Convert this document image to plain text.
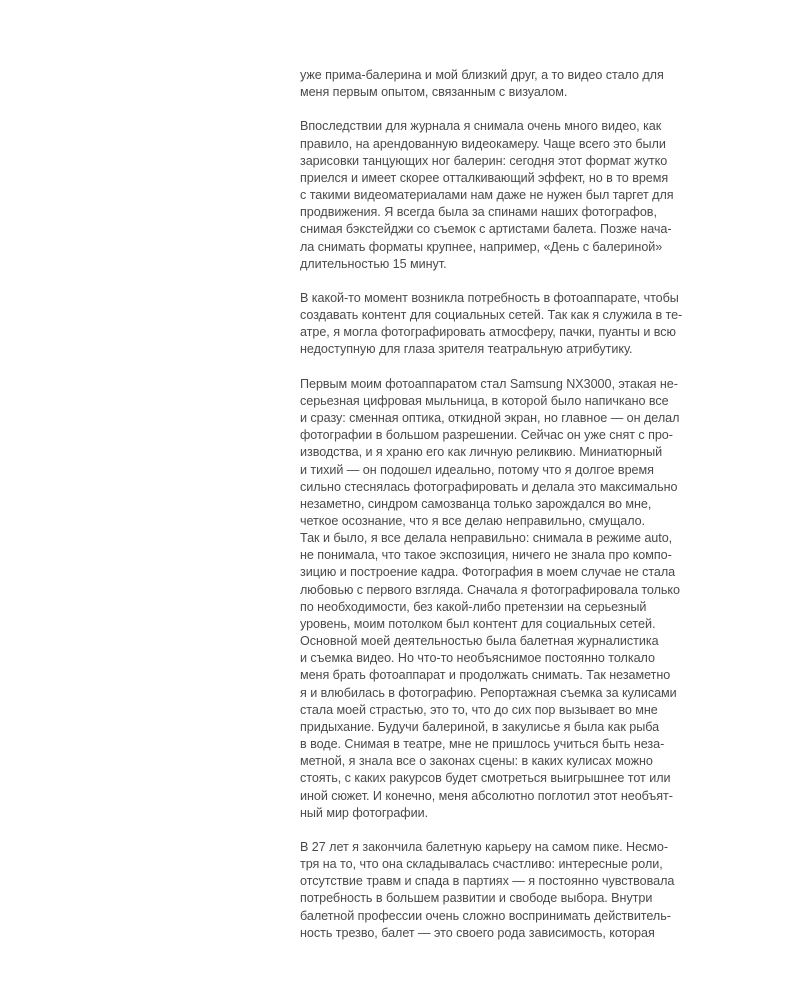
уже прима-балерина и мой близкий друг, а то видео стало для
меня первым опытом, связанным с визуалом.

Впоследствии для журнала я снимала очень много видео, как
правило, на арендованную видеокамеру. Чаще всего это были
зарисовки танцующих ног балерин: сегодня этот формат жутко
приелся и имеет скорее отталкивающий эффект, но в то время
с такими видеоматериалами нам даже не нужен был таргет для
продвижения. Я всегда была за спинами наших фотографов,
снимая бэкстейджи со съемок с артистами балета. Позже нача-
ла снимать форматы крупнее, например, «День с балериной»
длительностью 15 минут.

В какой-то момент возникла потребность в фотоаппарате, чтобы
создавать контент для социальных сетей. Так как я служила в те-
атре, я могла фотографировать атмосферу, пачки, пуанты и всю
недоступную для глаза зрителя театральную атрибутику.

Первым моим фотоаппаратом стал Samsung NX3000, этакая не-
серьезная цифровая мыльница, в которой было напичкано все
и сразу: сменная оптика, откидной экран, но главное — он делал
фотографии в большом разрешении. Сейчас он уже снят с про-
изводства, и я храню его как личную реликвию. Миниатюрный
и тихий — он подошел идеально, потому что я долгое время
сильно стеснялась фотографировать и делала это максимально
незаметно, синдром самозванца только зарождался во мне,
четкое осознание, что я все делаю неправильно, смущало.

Так и было, я все делала неправильно: снимала в режиме auto,
не понимала, что такое экспозиция, ничего не знала про компо-
зицию и построение кадра. Фотография в моем случае не стала
любовью с первого взгляда. Сначала я фотографировала только
по необходимости, без какой-либо претензии на серьезный
уровень, моим потолком был контент для социальных сетей.
Основной моей деятельностью была балетная журналистика
и съемка видео. Но что-то необъяснимое постоянно толкало
меня брать фотоаппарат и продолжать снимать. Так незаметно
я и влюбилась в фотографию. Репортажная съемка за кулисами
стала моей страстью, это то, что до сих пор вызывает во мне
придыхание. Будучи балериной, в закулисье я была как рыба
в воде. Снимая в театре, мне не пришлось учиться быть неза-
метной, я знала все о законах сцены: в каких кулисах можно
стоять, с каких ракурсов будет смотреться выигрышнее тот или
иной сюжет. И конечно, меня абсолютно поглотил этот необъят-
ный мир фотографии.

В 27 лет я закончила балетную карьеру на самом пике. Несмо-
тря на то, что она складывалась счастливо: интересные роли,
отсутствие травм и спада в партиях — я постоянно чувствовала
потребность в большем развитии и свободе выбора. Внутри
балетной профессии очень сложно воспринимать действитель-
ность трезво, балет — это своего рода зависимость, которая
